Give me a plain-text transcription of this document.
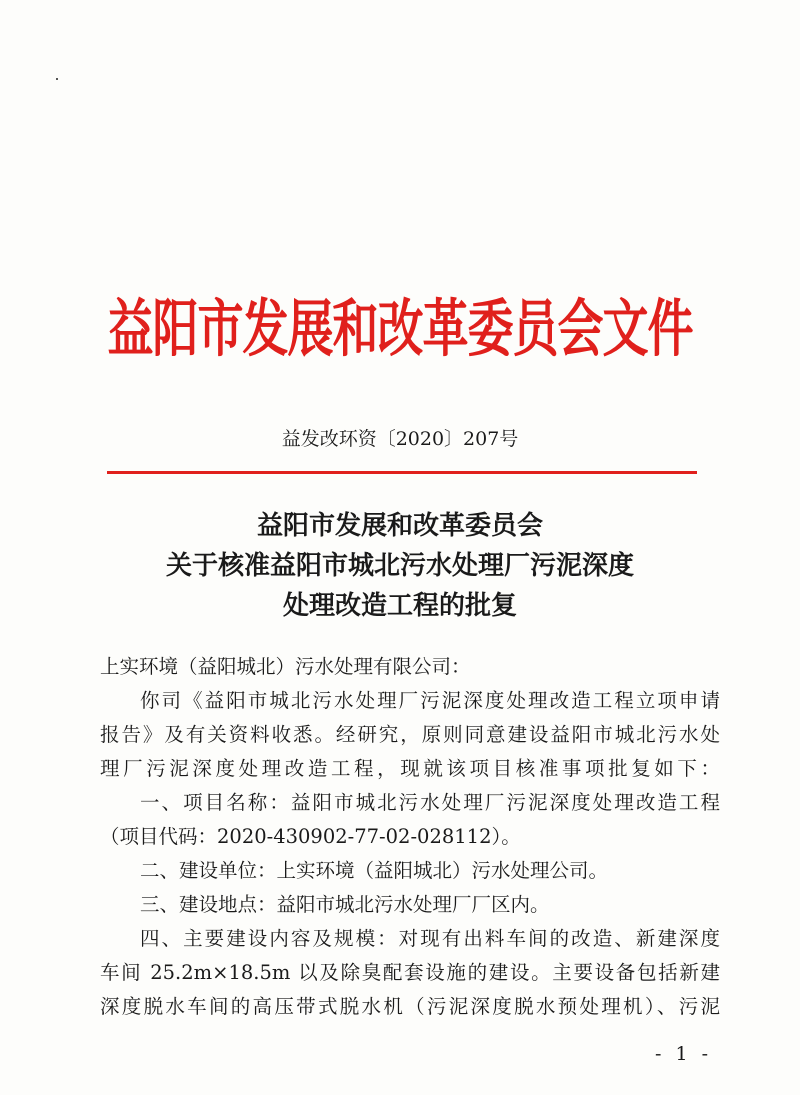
益阳市发展和改革委员会文件
益发改环资〔2020〕207号
益阳市发展和改革委员会
关于核准益阳市城北污水处理厂污泥深度
处理改造工程的批复
上实环境（益阳城北）污水处理有限公司：
你司《益阳市城北污水处理厂污泥深度处理改造工程立项申请
报告》及有关资料收悉。经研究，原则同意建设益阳市城北污水处
理厂污泥深度处理改造工程，现就该项目核准事项批复如下：
一、项目名称：益阳市城北污水处理厂污泥深度处理改造工程
（项目代码：2020-430902-77-02-028112）。
二、建设单位：上实环境（益阳城北）污水处理公司。
三、建设地点：益阳市城北污水处理厂厂区内。
四、主要建设内容及规模：对现有出料车间的改造、新建深度
车间 25.2m×18.5m 以及除臭配套设施的建设。主要设备包括新建
深度脱水车间的高压带式脱水机（污泥深度脱水预处理机）、污泥
- 1 -
